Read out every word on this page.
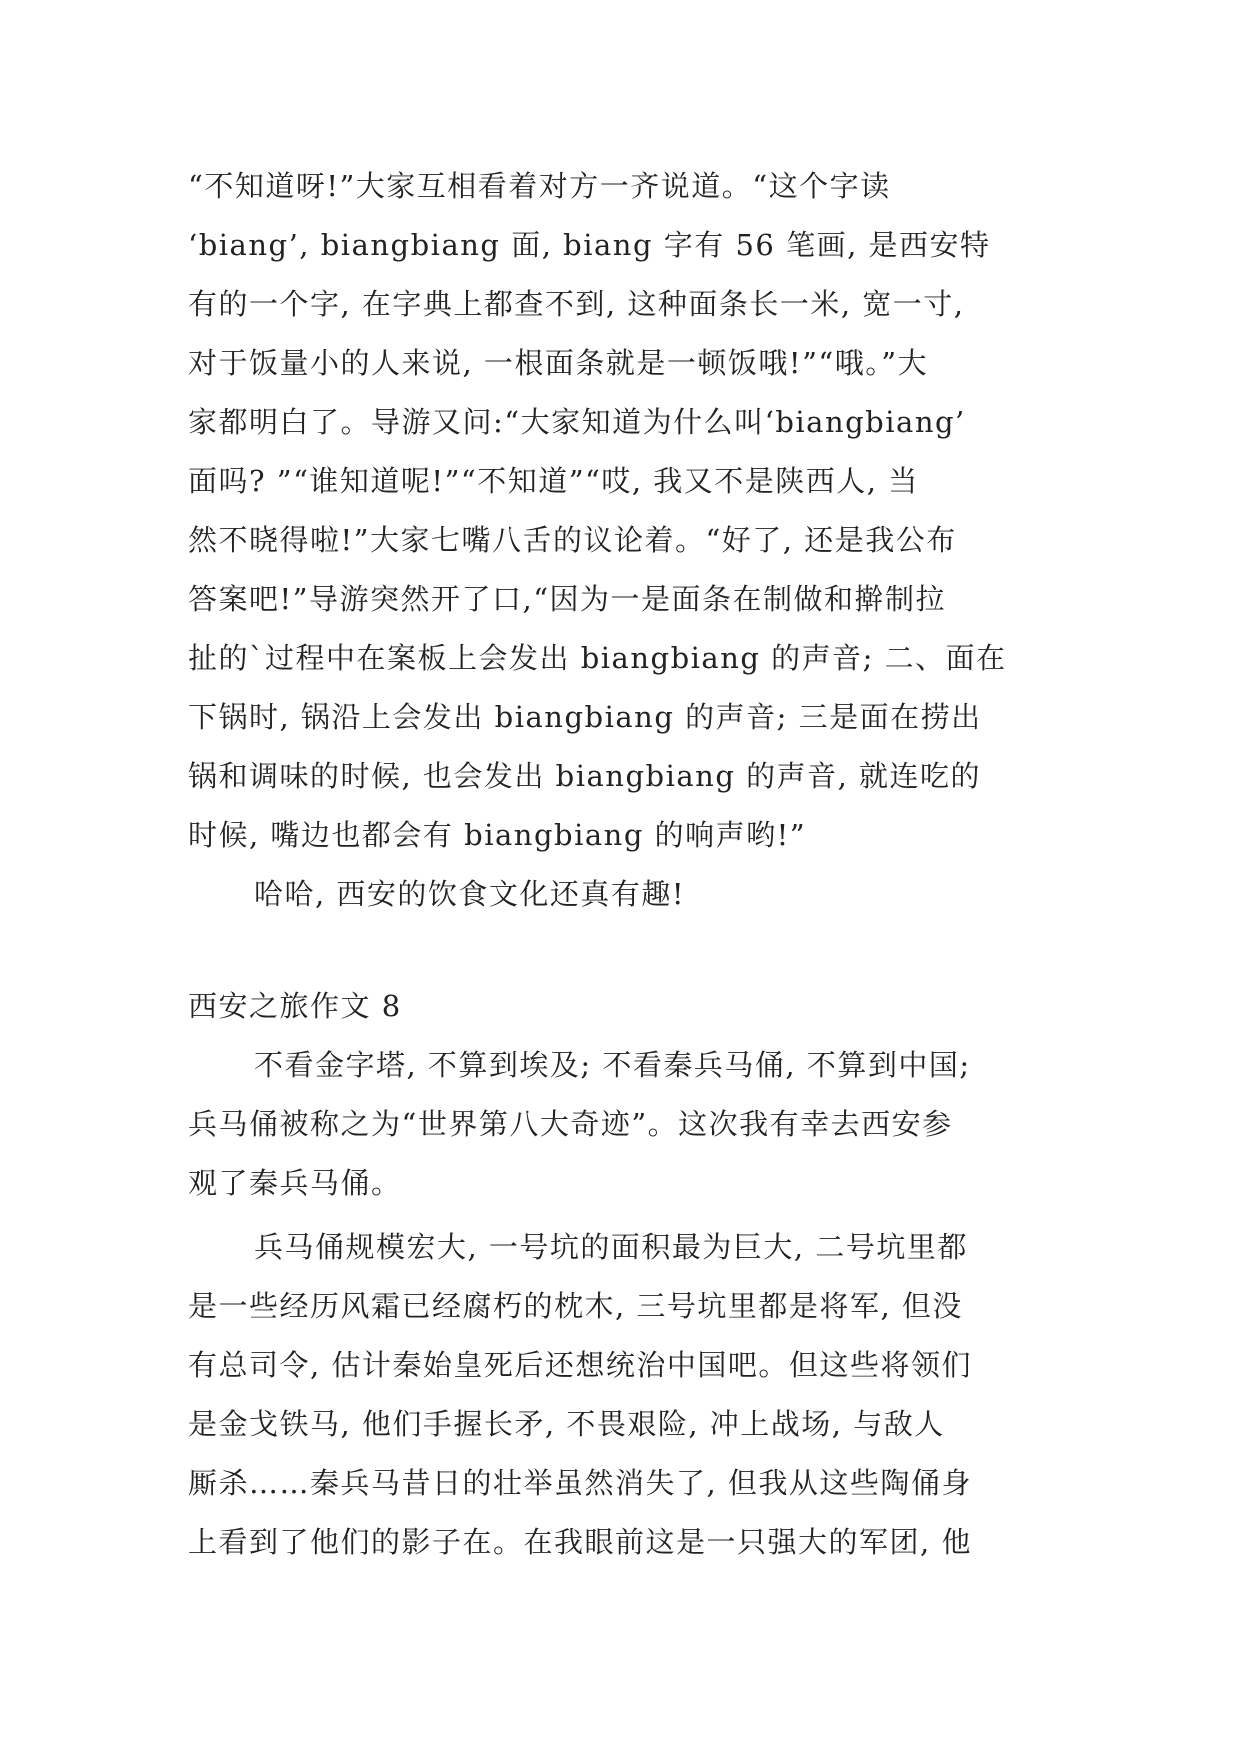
“不知道呀!”大家互相看着对方一齐说道。“这个字读
‘biang’, biangbiang 面, biang 字有 56 笔画, 是西安特
有的一个字, 在字典上都查不到, 这种面条长一米, 宽一寸,
对于饭量小的人来说, 一根面条就是一顿饭哦!”“哦。”大
家都明白了。导游又问:“大家知道为什么叫‘biangbiang’
面吗? ”“谁知道呢!”“不知道”“哎, 我又不是陕西人, 当
然不晓得啦!”大家七嘴八舌的议论着。“好了, 还是我公布
答案吧!”导游突然开了口,“因为一是面条在制做和擀制拉
扯的`过程中在案板上会发出 biangbiang 的声音; 二、面在
下锅时, 锅沿上会发出 biangbiang 的声音; 三是面在捞出
锅和调味的时候, 也会发出 biangbiang 的声音, 就连吃的
时候, 嘴边也都会有 biangbiang 的响声哟!”
哈哈, 西安的饮食文化还真有趣!
西安之旅作文 8
不看金字塔, 不算到埃及; 不看秦兵马俑, 不算到中国;
兵马俑被称之为“世界第八大奇迹”。这次我有幸去西安参
观了秦兵马俑。
兵马俑规模宏大, 一号坑的面积最为巨大, 二号坑里都
是一些经历风霜已经腐朽的枕木, 三号坑里都是将军, 但没
有总司令, 估计秦始皇死后还想统治中国吧。但这些将领们
是金戈铁马, 他们手握长矛, 不畏艰险, 冲上战场, 与敌人
厮杀……秦兵马昔日的壮举虽然消失了, 但我从这些陶俑身
上看到了他们的影子在。在我眼前这是一只强大的军团, 他
